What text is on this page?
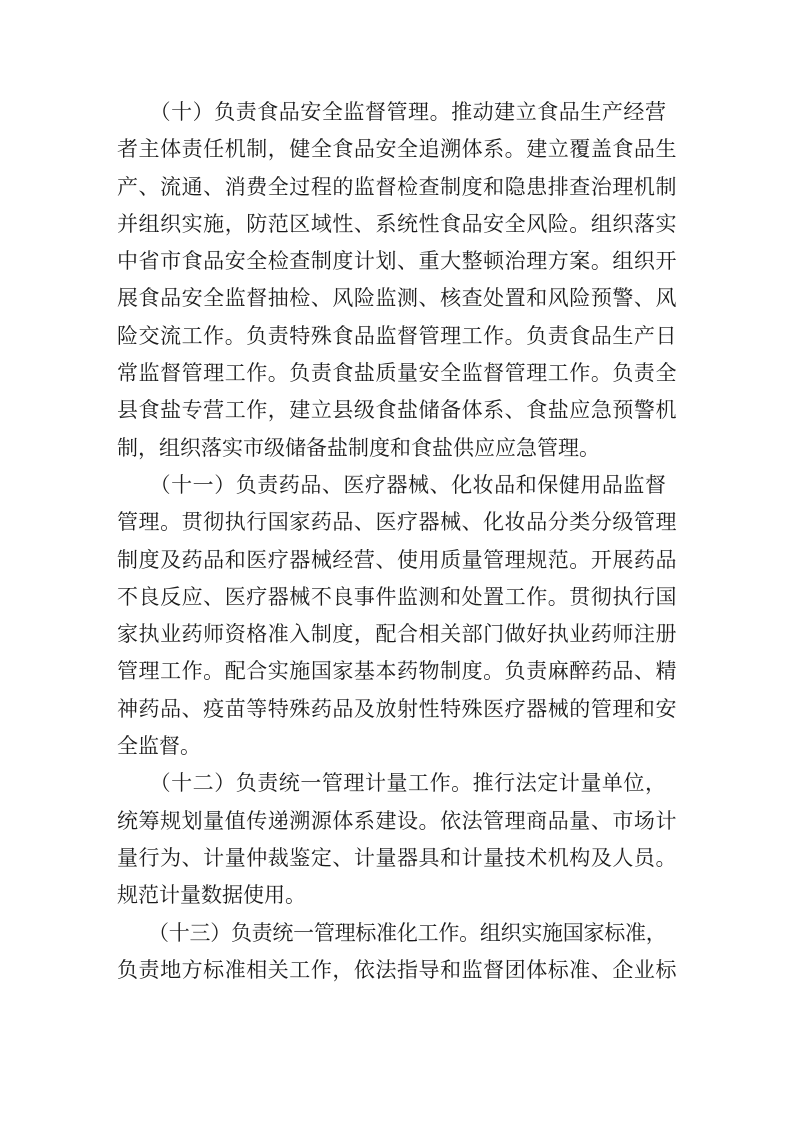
　　（十）负责食品安全监督管理。推动建立食品生产经营
者主体责任机制，健全食品安全追溯体系。建立覆盖食品生
产、流通、消费全过程的监督检查制度和隐患排查治理机制
并组织实施，防范区域性、系统性食品安全风险。组织落实
中省市食品安全检查制度计划、重大整顿治理方案。组织开
展食品安全监督抽检、风险监测、核查处置和风险预警、风
险交流工作。负责特殊食品监督管理工作。负责食品生产日
常监督管理工作。负责食盐质量安全监督管理工作。负责全
县食盐专营工作，建立县级食盐储备体系、食盐应急预警机
制，组织落实市级储备盐制度和食盐供应应急管理。
　　（十一）负责药品、医疗器械、化妆品和保健用品监督
管理。贯彻执行国家药品、医疗器械、化妆品分类分级管理
制度及药品和医疗器械经营、使用质量管理规范。开展药品
不良反应、医疗器械不良事件监测和处置工作。贯彻执行国
家执业药师资格准入制度，配合相关部门做好执业药师注册
管理工作。配合实施国家基本药物制度。负责麻醉药品、精
神药品、疫苗等特殊药品及放射性特殊医疗器械的管理和安
全监督。
　　（十二）负责统一管理计量工作。推行法定计量单位，
统筹规划量值传递溯源体系建设。依法管理商品量、市场计
量行为、计量仲裁鉴定、计量器具和计量技术机构及人员。
规范计量数据使用。
　　（十三）负责统一管理标准化工作。组织实施国家标准，
负责地方标准相关工作，依法指导和监督团体标准、企业标
